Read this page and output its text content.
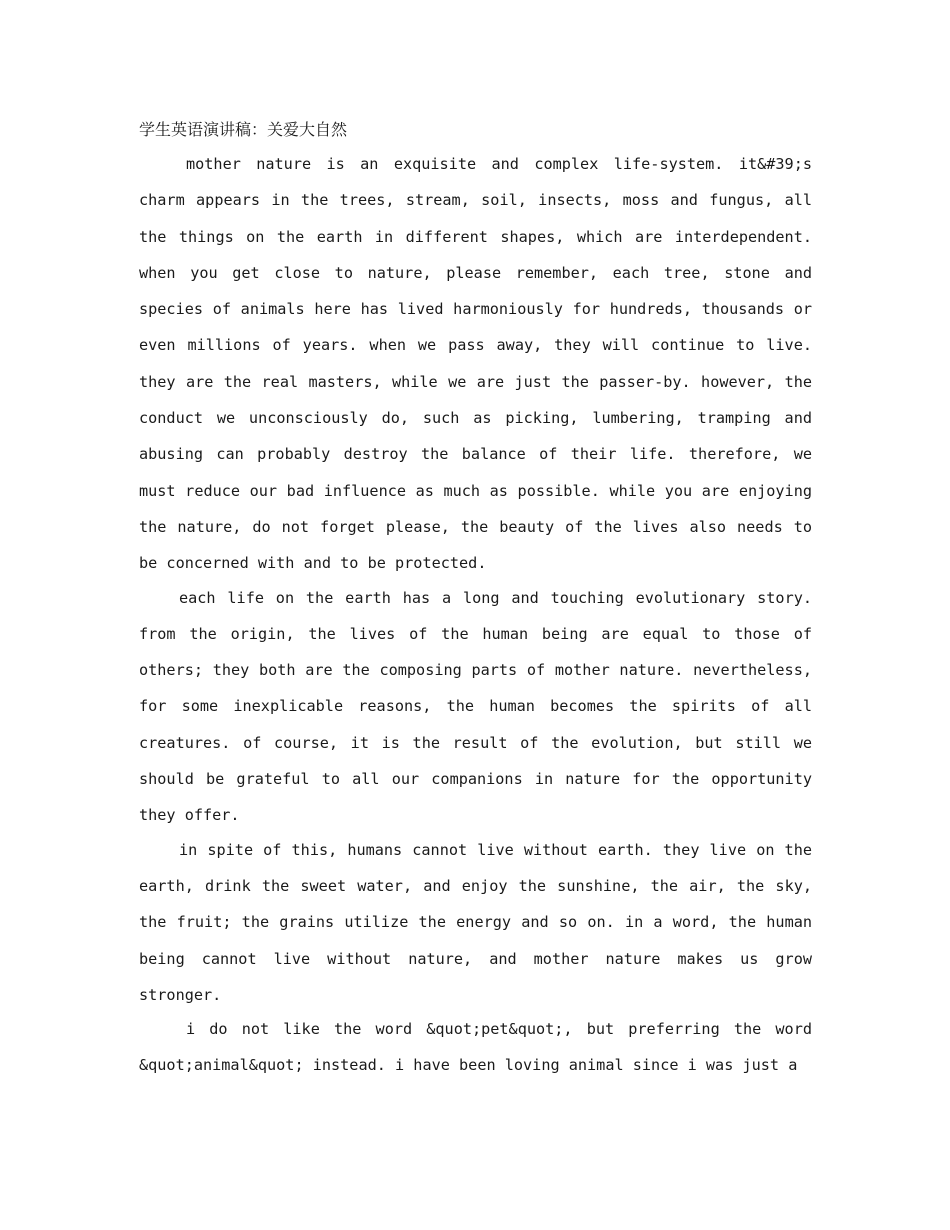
学生英语演讲稿：关爱大自然

mother nature is an exquisite and complex life-system. it&#39;s charm appears in the trees, stream, soil, insects, moss and fungus, all the things on the earth in different shapes, which are interdependent. when you get close to nature, please remember, each tree, stone and species of animals here has lived harmoniously for hundreds, thousands or even millions of years. when we pass away, they will continue to live. they are the real masters, while we are just the passer-by. however, the conduct we unconsciously do, such as picking, lumbering, tramping and abusing can probably destroy the balance of their life. therefore, we must reduce our bad influence as much as possible. while you are enjoying the nature, do not forget please, the beauty of the lives also needs to be concerned with and to be protected.

each life on the earth has a long and touching evolutionary story. from the origin, the lives of the human being are equal to those of others; they both are the composing parts of mother nature. nevertheless, for some inexplicable reasons, the human becomes the spirits of all creatures. of course, it is the result of the evolution, but still we should be grateful to all our companions in nature for the opportunity they offer.

in spite of this, humans cannot live without earth. they live on the earth, drink the sweet water, and enjoy the sunshine, the air, the sky, the fruit; the grains utilize the energy and so on. in a word, the human being cannot live without nature, and mother nature makes us grow stronger.

i do not like the word &quot;pet&quot;, but preferring the word &quot;animal&quot; instead. i have been loving animal since i was just a
